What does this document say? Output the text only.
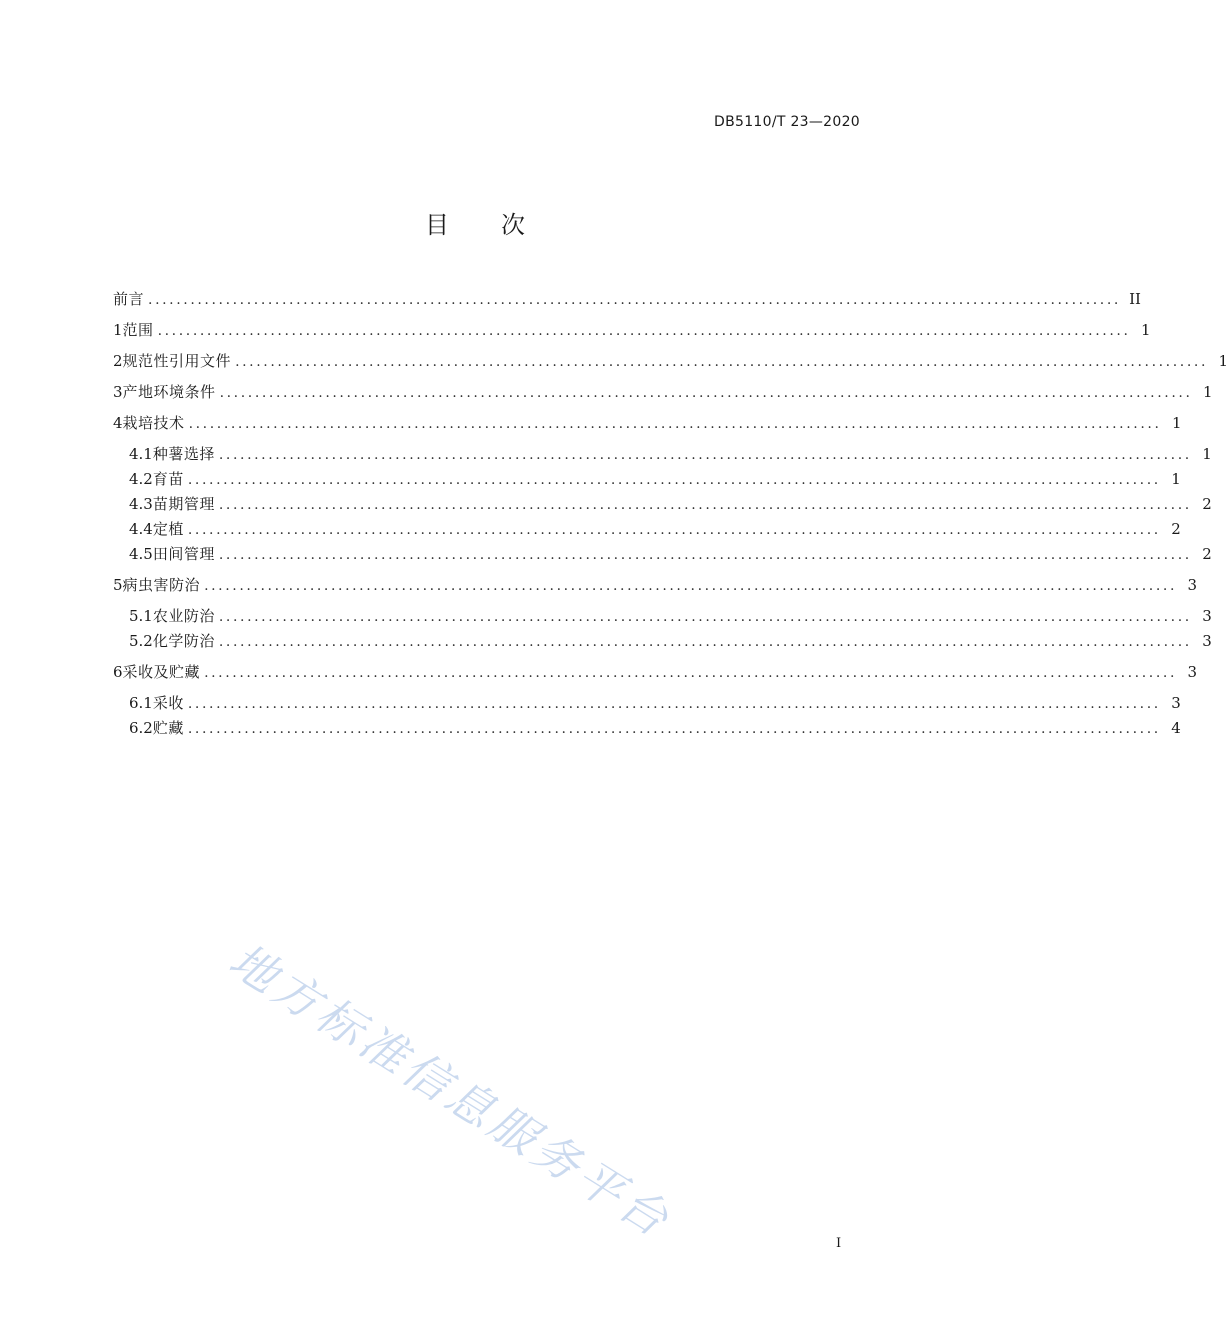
DB5110/T 23—2020
目 次
前言 .......................................................................................................................................... II
1 范围 .......................................................................................................................................... 1
2 规范性引用文件 .......................................................................................................................................... 1
3 产地环境条件 .......................................................................................................................................... 1
4 栽培技术 .......................................................................................................................................... 1
4.1 种薯选择 .......................................................................................................................................... 1
4.2 育苗 .......................................................................................................................................... 1
4.3 苗期管理 .......................................................................................................................................... 2
4.4 定植 .......................................................................................................................................... 2
4.5 田间管理 .......................................................................................................................................... 2
5 病虫害防治 .......................................................................................................................................... 3
5.1 农业防治 .......................................................................................................................................... 3
5.2 化学防治 .......................................................................................................................................... 3
6 采收及贮藏 .......................................................................................................................................... 3
6.1 采收 .......................................................................................................................................... 3
6.2 贮藏 .......................................................................................................................................... 4
地方标准信息服务平台	I
